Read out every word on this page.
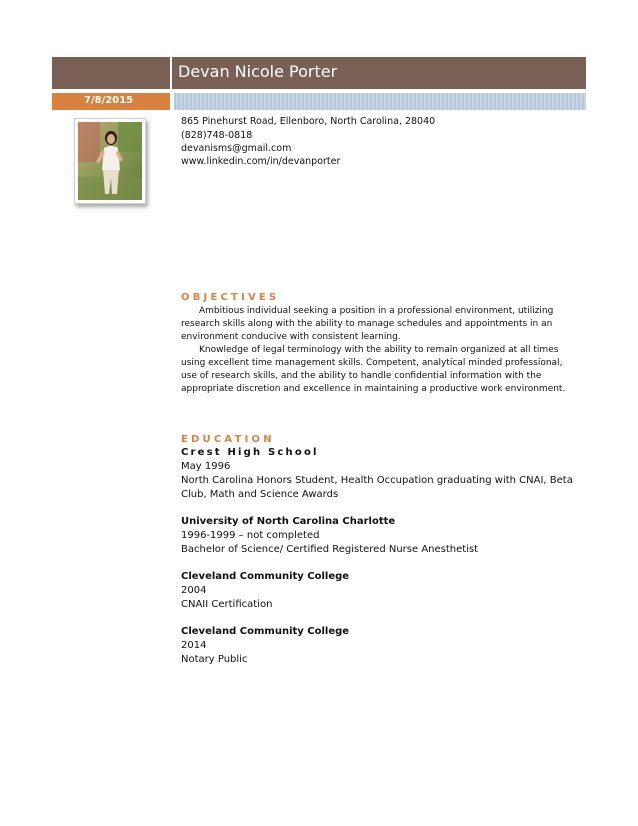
Devan Nicole Porter
7/8/2015
865 Pinehurst Road, Ellenboro, North Carolina, 28040
(828)748-0818
devanisms@gmail.com
www.linkedin.com/in/devanporter
OBJECTIVES
Ambitious individual seeking a position in a professional environment, utilizing research skills along with the ability to manage schedules and appointments in an environment conducive with consistent learning.
Knowledge of legal terminology with the ability to remain organized at all times using excellent time management skills. Competent, analytical minded professional, use of research skills, and the ability to handle confidential information with the appropriate discretion and excellence in maintaining a productive work environment.
EDUCATION
Crest High School
May 1996
North Carolina Honors Student, Health Occupation graduating with CNAI, Beta
Club, Math and Science Awards
University of North Carolina Charlotte
1996-1999 – not completed
Bachelor of Science/ Certified Registered Nurse Anesthetist
Cleveland Community College
2004
CNAII Certification
Cleveland Community College
2014
Notary Public
